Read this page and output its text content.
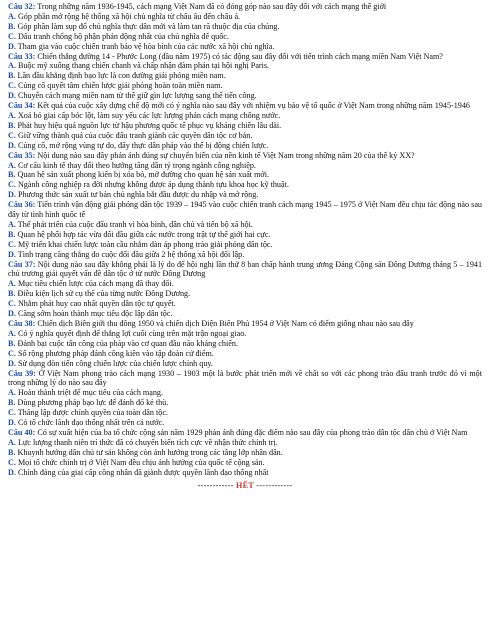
Câu 32: Trong những năm 1936-1945, cách mạng Việt Nam đã có đóng góp nào sau đây đối với cách mạng thế giới

A. Góp phần mở rộng hệ thống xã hội chủ nghĩa từ châu âu đến châu á.

B. Góp phần làm sụp đổ chủ nghĩa thực dân mới và làm tan rã thuộc địa của chúng.

C. Dấu tranh chống bộ phận phản động nhất của chủ nghĩa đế quốc.

D. Tham gia vào cuộc chiến tranh bảo vệ hòa bình của các nước xã hội chủ nghĩa.

Câu 33: Chiến thắng đường 14 - Phước Long (đầu năm 1975) có tác động sau đây đối với tiến trình cách mạng miền Nam Việt Nam?

A. Buộc mỹ xuống thang chiến chanh và chấp nhận đàm phán tại hội nghị Paris.

B. Lần đầu khẳng định bạo lực là con đường giải phóng miền nam.

C. Củng cố quyết tâm chiến lược giải phóng hoàn toàn miền nam.

D. Chuyển cách mạng miền nam từ thế giữ gìn lực lượng sang thế tiến công.

Câu 34: Kết quả của cuộc xây dựng chế độ mới có ý nghĩa nào sau đây với nhiệm vụ bảo vệ tổ quốc ở Việt Nam trong những năm 1945-1946

A. Xoá bỏ giai cấp bóc lột, làm suy yếu các lực lượng phản cách mạng chống nước.

B. Phát huy hiệu quả nguồn lực từ hậu phương quốc tế phục vụ kháng chiến lâu dài.

C. Giữ vững thành quả của cuộc đấu tranh giành các quyền dân tộc cơ bản.

D. Củng cố, mở rộng vùng tự do, đẩy thực dân pháp vào thế bị động chiến lược.

Câu 35: Nội dung nào sau đây phản ánh đúng sự chuyển biến của nền kinh tế Việt Nam trong những năm 20 của thế kỷ XX?

A. Cơ cấu kinh tế thay đổi theo hướng tăng dần tỷ trọng ngành công nghiệp.

B. Quan hệ sản xuất phong kiến bị xóa bỏ, mở đường cho quan hệ sản xuất mới.

C. Ngành công nghiệp ra đời nhưng không được áp dụng thành tựu khoa học kỹ thuật.

D. Phương thức sản xuất tư bản chủ nghĩa bắt đầu được du nhập và mở rộng.

Câu 36: Tiến trình vận động giải phóng dân tộc 1939 – 1945 vào cuộc chiến tranh cách mạng 1945 – 1975 ở Việt Nam đều chịu tác động nào sau đây từ tình hình quốc tế

A. Thế phát triển của cuộc đấu tranh vì hòa bình, dân chủ và tiến bộ xã hội.

B. Quan hệ phối hợp tác vừa đối đầu giữa các nước trong trật tự thế giới hai cực.

C. Mỹ triển khai chiến lược toàn cầu nhằm dàn áp phong trào giải phóng dân tộc.

D. Tình trạng căng thẳng do cuộc đối đầu giữa 2 hệ thống xã hội đối lập.

Câu 37: Nội dung nào sau đây không phải là lý do để hội nghị lần thứ 8 ban chấp hành trung ương Đảng Cộng sản Đông Dương tháng 5 – 1941 chủ trương giải quyết vấn đề dân tộc ở từ nước Đông Dương

A. Mục tiêu chiến lược của cách mạng đã thay đổi.

B. Điều kiện lịch sử cụ thể của từng nước Đông Dương.

C. Nhằm phát huy cao nhất quyền dân tộc tự quyết.

D. Căng sớm hoàn thành mục tiêu độc lập dân tộc.

Câu 38: Chiến dịch Biên giới thu đông 1950 và chiến dịch Điện Biên Phủ 1954 ở Việt Nam có điểm giống nhau nào sau đây

A. Có ý nghĩa quyết định để thắng lợi cuối cùng trên mặt trận ngoại giao.

B. Đánh bại cuộc tấn công của pháp vào cơ quan đầu não kháng chiến.

C. Số rộng phương pháp đánh công kiên vào tập đoàn cứ điểm.

D. Sử dụng đòn tiến công chiến lược của chiến lược chính quy.

Câu 39: Ở Việt Nam phong trào cách mạng 1930 – 1903 một là bước phát triển mới về chất so với các phong trào đấu tranh trước đó vì một trong những lý do nào sau đây

A. Hoàn thành triệt để mục tiêu của cách mạng.

B. Dùng phương pháp bạo lực để đánh đổ kẻ thù.

C. Thăng lập được chính quyền của toàn dân tộc.

D. Có tổ chức lãnh đạo thống nhất trên cả nước.

Câu 40: Có sự xuất hiện của ba tổ chức cộng sản năm 1929 phản ánh đúng đặc điểm nào sau đây của phong trào dân tộc dân chủ ở Việt Nam

A. Lực lượng thanh niên trí thức đã có chuyển biến tích cực về nhận thức chính trị.

B. Khuynh hướng dân chủ tư sản không còn ảnh hưởng trong các tầng lớp nhân dân.

C. Mọi tổ chức chính trị ở Việt Nam đều chịu ảnh hưởng của quốc tế cộng sản.

D. Chính đảng của giai cấp công nhân đã giành được quyền lãnh đạo thống nhất

------------ HẾT ------------
